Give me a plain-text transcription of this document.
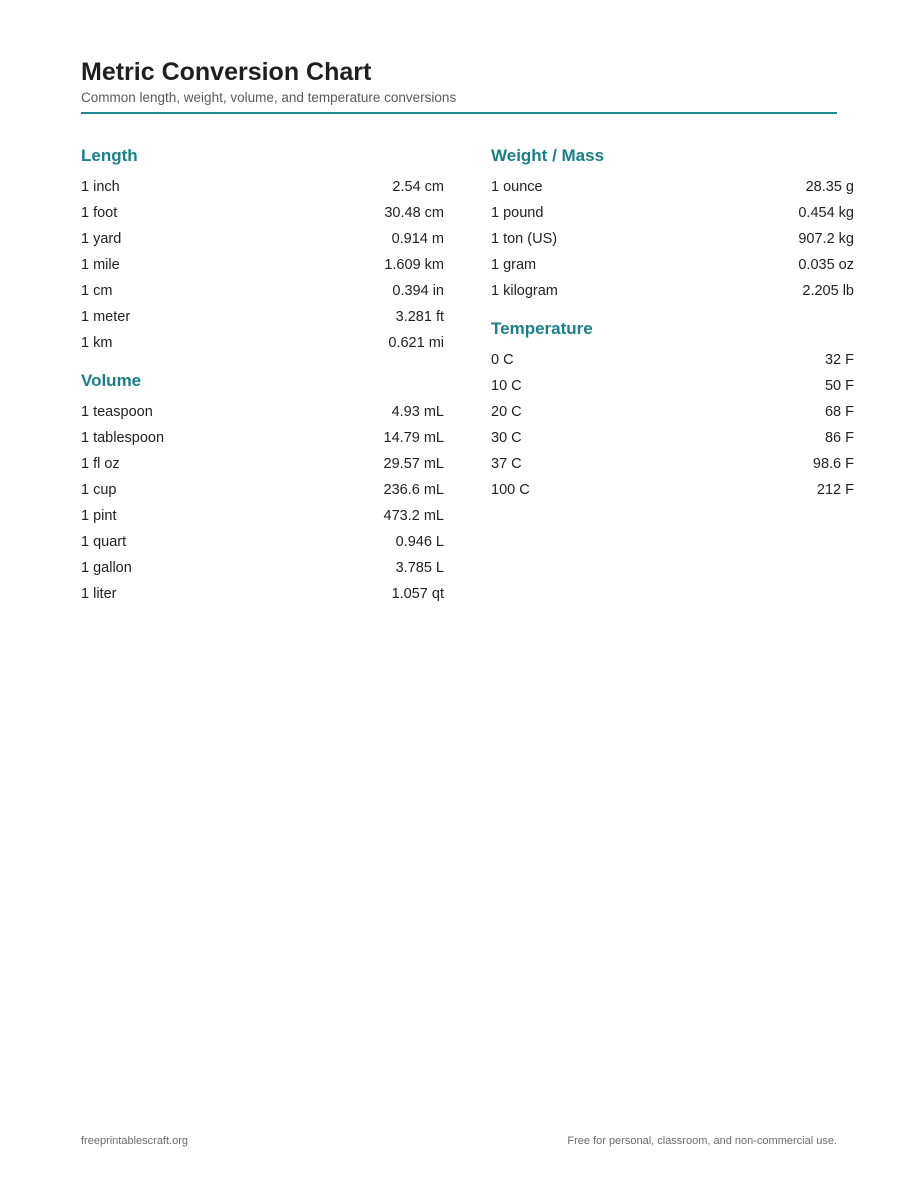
Metric Conversion Chart
Common length, weight, volume, and temperature conversions
Length
1 inch	2.54 cm
1 foot	30.48 cm
1 yard	0.914 m
1 mile	1.609 km
1 cm	0.394 in
1 meter	3.281 ft
1 km	0.621 mi
Volume
1 teaspoon	4.93 mL
1 tablespoon	14.79 mL
1 fl oz	29.57 mL
1 cup	236.6 mL
1 pint	473.2 mL
1 quart	0.946 L
1 gallon	3.785 L
1 liter	1.057 qt
Weight / Mass
1 ounce	28.35 g
1 pound	0.454 kg
1 ton (US)	907.2 kg
1 gram	0.035 oz
1 kilogram	2.205 lb
Temperature
0 C	32 F
10 C	50 F
20 C	68 F
30 C	86 F
37 C	98.6 F
100 C	212 F
freeprintablescraft.org	Free for personal, classroom, and non-commercial use.
